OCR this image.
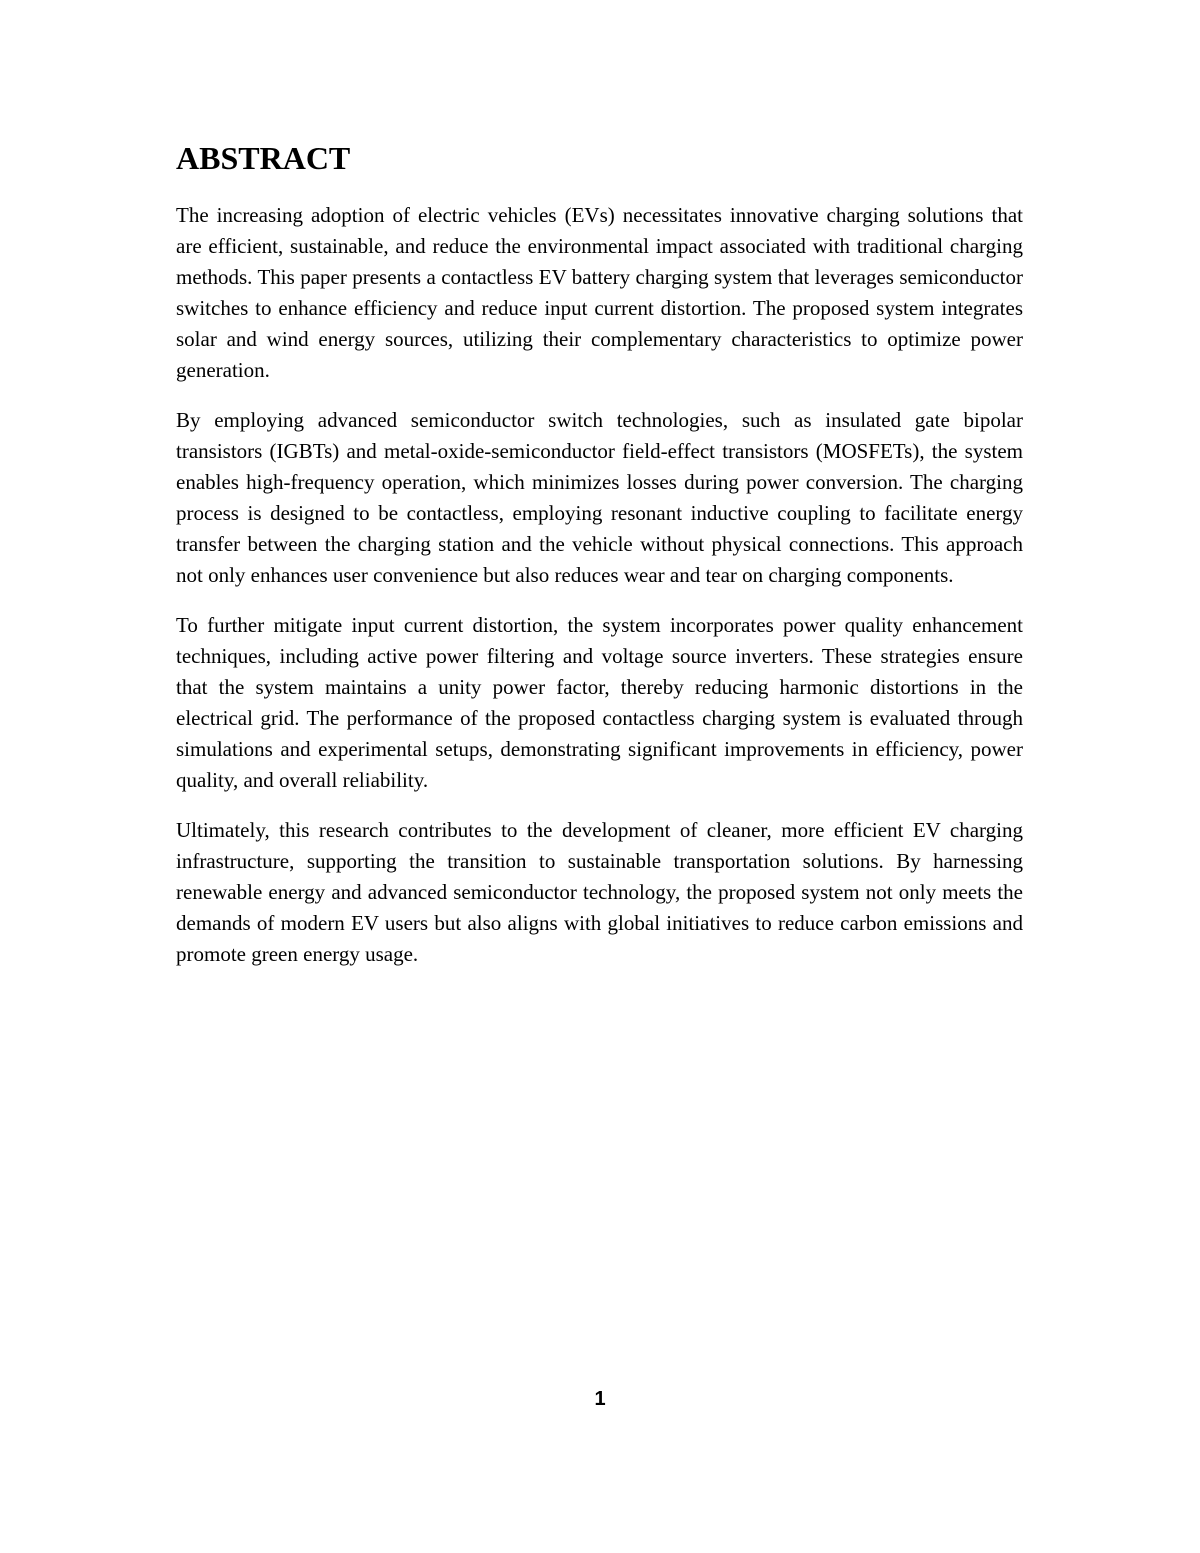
ABSTRACT

The increasing adoption of electric vehicles (EVs) necessitates innovative charging solutions that are efficient, sustainable, and reduce the environmental impact associated with traditional charging methods. This paper presents a contactless EV battery charging system that leverages semiconductor switches to enhance efficiency and reduce input current distortion. The proposed system integrates solar and wind energy sources, utilizing their complementary characteristics to optimize power generation.

By employing advanced semiconductor switch technologies, such as insulated gate bipolar transistors (IGBTs) and metal-oxide-semiconductor field-effect transistors (MOSFETs), the system enables high-frequency operation, which minimizes losses during power conversion. The charging process is designed to be contactless, employing resonant inductive coupling to facilitate energy transfer between the charging station and the vehicle without physical connections. This approach not only enhances user convenience but also reduces wear and tear on charging components.

To further mitigate input current distortion, the system incorporates power quality enhancement techniques, including active power filtering and voltage source inverters. These strategies ensure that the system maintains a unity power factor, thereby reducing harmonic distortions in the electrical grid. The performance of the proposed contactless charging system is evaluated through simulations and experimental setups, demonstrating significant improvements in efficiency, power quality, and overall reliability.

Ultimately, this research contributes to the development of cleaner, more efficient EV charging infrastructure, supporting the transition to sustainable transportation solutions. By harnessing renewable energy and advanced semiconductor technology, the proposed system not only meets the demands of modern EV users but also aligns with global initiatives to reduce carbon emissions and promote green energy usage.

1
